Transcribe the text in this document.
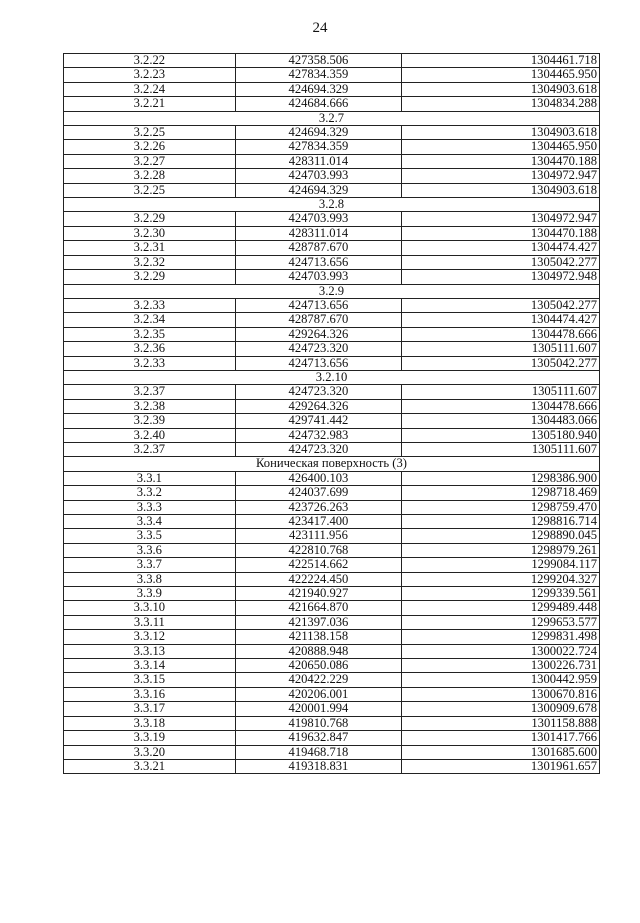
24
3.2.22	427358.506	1304461.718
3.2.23	427834.359	1304465.950
3.2.24	424694.329	1304903.618
3.2.21	424684.666	1304834.288
3.2.7		
3.2.25	424694.329	1304903.618
3.2.26	427834.359	1304465.950
3.2.27	428311.014	1304470.188
3.2.28	424703.993	1304972.947
3.2.25	424694.329	1304903.618
3.2.8		
3.2.29	424703.993	1304972.947
3.2.30	428311.014	1304470.188
3.2.31	428787.670	1304474.427
3.2.32	424713.656	1305042.277
3.2.29	424703.993	1304972.948
3.2.9		
3.2.33	424713.656	1305042.277
3.2.34	428787.670	1304474.427
3.2.35	429264.326	1304478.666
3.2.36	424723.320	1305111.607
3.2.33	424713.656	1305042.277
3.2.10		
3.2.37	424723.320	1305111.607
3.2.38	429264.326	1304478.666
3.2.39	429741.442	1304483.066
3.2.40	424732.983	1305180.940
3.2.37	424723.320	1305111.607
Коническая поверхность (3)		
3.3.1	426400.103	1298386.900
3.3.2	424037.699	1298718.469
3.3.3	423726.263	1298759.470
3.3.4	423417.400	1298816.714
3.3.5	423111.956	1298890.045
3.3.6	422810.768	1298979.261
3.3.7	422514.662	1299084.117
3.3.8	422224.450	1299204.327
3.3.9	421940.927	1299339.561
3.3.10	421664.870	1299489.448
3.3.11	421397.036	1299653.577
3.3.12	421138.158	1299831.498
3.3.13	420888.948	1300022.724
3.3.14	420650.086	1300226.731
3.3.15	420422.229	1300442.959
3.3.16	420206.001	1300670.816
3.3.17	420001.994	1300909.678
3.3.18	419810.768	1301158.888
3.3.19	419632.847	1301417.766
3.3.20	419468.718	1301685.600
3.3.21	419318.831	1301961.657
